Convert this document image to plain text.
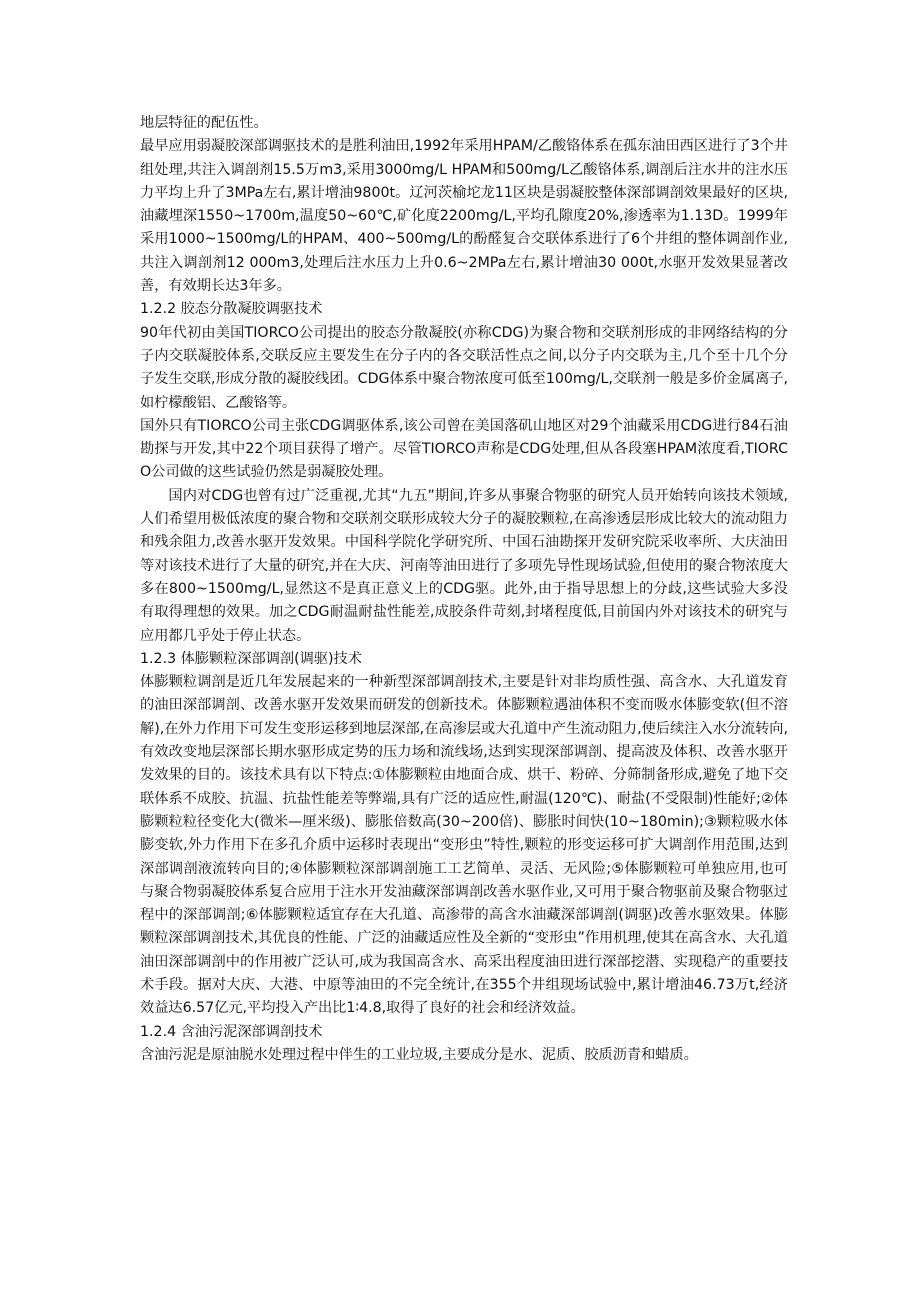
地层特征的配伍性。

最早应用弱凝胶深部调驱技术的是胜利油田,1992年采用HPAM/乙酸铬体系在孤东油田西区进行了3个井组处理,共注入调剖剂15.5万m3,采用3000mg/L HPAM和500mg/L乙酸铬体系,调剖后注水井的注水压力平均上升了3MPa左右,累计增油9800t。辽河茨榆坨龙11区块是弱凝胶整体深部调剖效果最好的区块,油藏埋深1550~1700m,温度50~60℃,矿化度2200mg/L,平均孔隙度20%,渗透率为1.13D。1999年采用1000~1500mg/L的HPAM、400~500mg/L的酚醛复合交联体系进行了6个井组的整体调剖作业,共注入调剖剂12 000m3,处理后注水压力上升0.6~2MPa左右,累计增油30 000t,水驱开发效果显著改善，有效期长达3年多。

1.2.2 胶态分散凝胶调驱技术

90年代初由美国TIORCO公司提出的胶态分散凝胶(亦称CDG)为聚合物和交联剂形成的非网络结构的分子内交联凝胶体系,交联反应主要发生在分子内的各交联活性点之间,以分子内交联为主,几个至十几个分子发生交联,形成分散的凝胶线团。CDG体系中聚合物浓度可低至100mg/L,交联剂一般是多价金属离子,如柠檬酸铝、乙酸铬等。

国外只有TIORCO公司主张CDG调驱体系,该公司曾在美国落矶山地区对29个油藏采用CDG进行84石油勘探与开发,其中22个项目获得了增产。尽管TIORCO声称是CDG处理,但从各段塞HPAM浓度看,TIORCO公司做的这些试验仍然是弱凝胶处理。

国内对CDG也曾有过广泛重视,尤其“九五”期间,许多从事聚合物驱的研究人员开始转向该技术领域,人们希望用极低浓度的聚合物和交联剂交联形成较大分子的凝胶颗粒,在高渗透层形成比较大的流动阻力和残余阻力,改善水驱开发效果。中国科学院化学研究所、中国石油勘探开发研究院采收率所、大庆油田等对该技术进行了大量的研究,并在大庆、河南等油田进行了多项先导性现场试验,但使用的聚合物浓度大多在800~1500mg/L,显然这不是真正意义上的CDG驱。此外,由于指导思想上的分歧,这些试验大多没有取得理想的效果。加之CDG耐温耐盐性能差,成胶条件苛刻,封堵程度低,目前国内外对该技术的研究与应用都几乎处于停止状态。

1.2.3 体膨颗粒深部调剖(调驱)技术

体膨颗粒调剖是近几年发展起来的一种新型深部调剖技术,主要是针对非均质性强、高含水、大孔道发育的油田深部调剖、改善水驱开发效果而研发的创新技术。体膨颗粒遇油体积不变而吸水体膨变软(但不溶解),在外力作用下可发生变形运移到地层深部,在高渗层或大孔道中产生流动阻力,使后续注入水分流转向,有效改变地层深部长期水驱形成定势的压力场和流线场,达到实现深部调剖、提高波及体积、改善水驱开发效果的目的。该技术具有以下特点:①体膨颗粒由地面合成、烘干、粉碎、分筛制备形成,避免了地下交联体系不成胶、抗温、抗盐性能差等弊端,具有广泛的适应性,耐温(120℃)、耐盐(不受限制)性能好;②体膨颗粒粒径变化大(微米—厘米级)、膨胀倍数高(30~200倍)、膨胀时间快(10~180min);③颗粒吸水体膨变软,外力作用下在多孔介质中运移时表现出“变形虫”特性,颗粒的形变运移可扩大调剖作用范围,达到深部调剖液流转向目的;④体膨颗粒深部调剖施工工艺简单、灵活、无风险;⑤体膨颗粒可单独应用,也可与聚合物弱凝胶体系复合应用于注水开发油藏深部调剖改善水驱作业,又可用于聚合物驱前及聚合物驱过程中的深部调剖;⑥体膨颗粒适宜存在大孔道、高渗带的高含水油藏深部调剖(调驱)改善水驱效果。体膨颗粒深部调剖技术,其优良的性能、广泛的油藏适应性及全新的“变形虫”作用机理,使其在高含水、大孔道油田深部调剖中的作用被广泛认可,成为我国高含水、高采出程度油田进行深部挖潜、实现稳产的重要技术手段。据对大庆、大港、中原等油田的不完全统计,在355个井组现场试验中,累计增油46.73万t,经济效益达6.57亿元,平均投入产出比1∶4.8,取得了良好的社会和经济效益。

1.2.4 含油污泥深部调剖技术

含油污泥是原油脱水处理过程中伴生的工业垃圾,主要成分是水、泥质、胶质沥青和蜡质。
